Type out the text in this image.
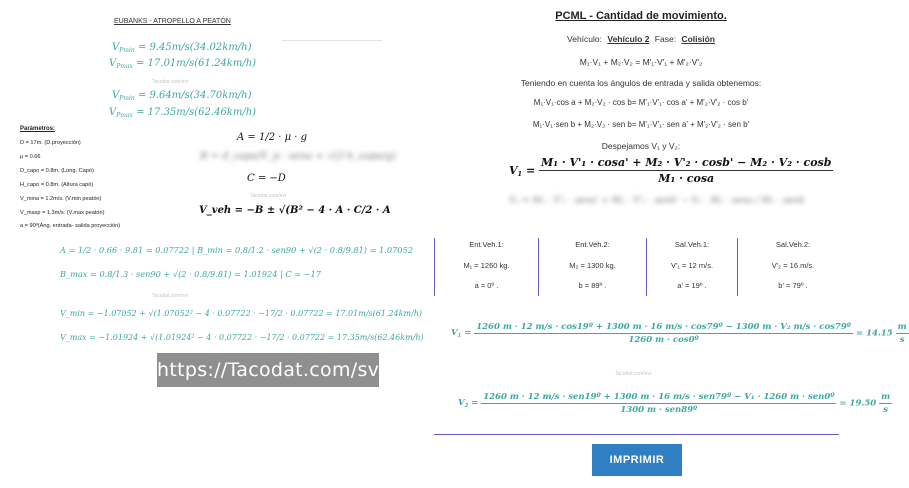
EUBANKS - ATROPELLO A PEATÓN
$V_{Pmin} = 9.45m/s(34.02km/h)$
$V_{Pmax} = 17.01m/s(61.24km/h)$
Tacodat.com/svr
$V_{Pmin} = 9.64m/s(34.70km/h)$
$V_{Pmax} = 17.35m/s(62.46km/h)$
Parámetros:
D = 17m. (D.proyección)
μ = 0.66
D_capo = 0.8m. (Long. Capó)
H_capo = 0.8m. (Altura capó)
V_mina = 1.2m/s. (V.min peatón)
V_maxp = 1.3m/s. (V.max peatón)
a = 90º(Áng. entrada- salida proyección)
A = 1/2 · μ · g
B = d_capo/V_p · sena + √(2·h_capo/g)
C = −D
Tacodat.com/svr
V_veh = −B ± √(B² − 4 · A · C/2 · A
A = 1/2 · 0.66 · 9.81 = 0.07722 | B_min = 0.8/1.2 · sen90 + √(2 · 0.8/9.81) = 1.07052
B_max = 0.8/1.3 · sen90 + √(2 · 0.8/9.81) = 1.01924 | C = −17
Tacodat.com/svr
V_min = −1.07052 + √(1.07052² − 4 · 0.07722 · −17/2 · 0.07722 = 17.01m/s(61.24km/h)
V_max = −1.01924 + √(1.01924² − 4 · 0.07722 · −17/2 · 0.07722 = 17.35m/s(62.46km/h)
https://Tacodat.com/svr
PCML - Cantidad de movimiento.
Vehículo: Vehículo 2 Fase: Colisión
M₁·V₁ + M₂·V₂ = M'₁·V'₁ + M'₂·V'₂
Teniendo en cuenta los ángulos de entrada y salida obtenemos:
M₁·V₁·cos a + M₂·V₂ · cos b= M'₁·V'₁· cos a' + M'₂·V'₂ · cos b'
M₁·V₁·sen b + M₂·V₂ · sen b= M'₁·V'₁· sen a' + M'₂·V'₂ · sen b'
Despejamos V₁ y V₂:
$V_1 = \frac{\text{M₁ · V'₁ · cosa' + M₂ · V'₂ · cosb' − M₂ · V₂ · cosb}}{\text{M₁ · cosa}}$
V₂ = M₁ · V'₁ · sena' + M₂ · V'₂ · senb' − V₁ · M₁ · sena / M₂ · senb
Ent.Veh.1:
M₁ = 1260 kg.
a = 0º .
Ent.Veh.2:
M₂ = 1300 kg.
b = 89º .
Sal.Veh.1:
V'₁ = 12 m/s.
a' = 19º .
Sal.Veh.2:
V'₂ = 16 m/s.
b' = 79º .
$V_1$ =
1260 m · 12 m/s · cos19º + 1300 m · 16 m/s · cos79º − 1300 m · V₂ m/s · cos79º
1260 m · cos0º
= $14.15 \frac{m}{s}$
Tacodat.com/svr
$V_2$ =
1260 m · 12 m/s · sen19º + 1300 m · 16 m/s · sen79º − V₁ · 1260 m · sen0º
1300 m · sen89º
= $19.50 \frac{m}{s}$
IMPRIMIR
